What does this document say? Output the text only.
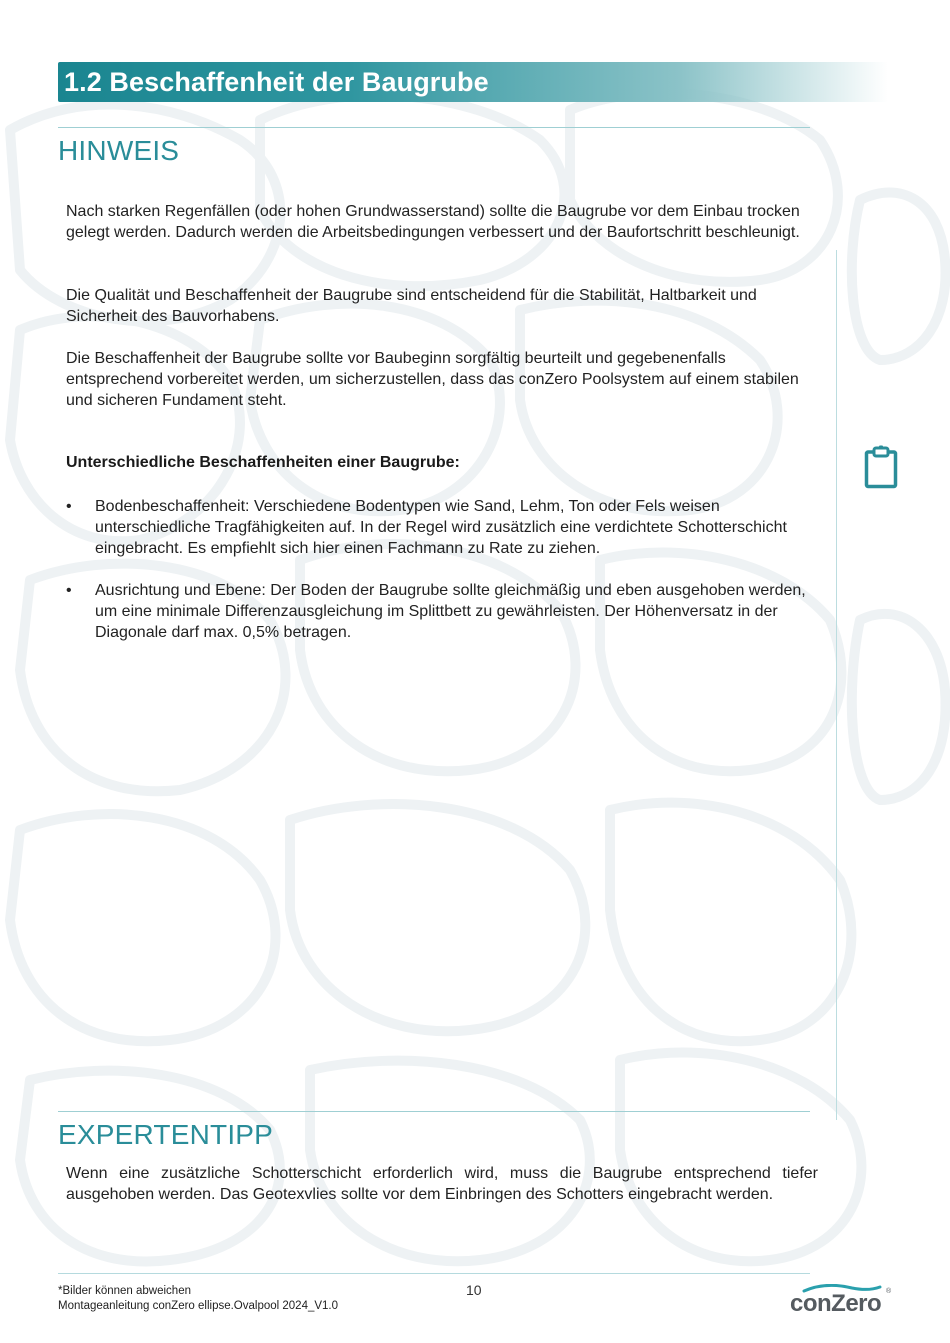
1.2 Beschaffenheit der Baugrube
HINWEIS

Nach starken Regenfällen (oder hohen Grundwasserstand) sollte die Baugrube vor dem Einbau trocken gelegt werden. Dadurch werden die Arbeitsbedingungen verbessert und der Baufortschritt beschleunigt.

Die Qualität und Beschaffenheit der Baugrube sind entscheidend für die Stabilität, Haltbarkeit und Sicherheit des Bauvorhabens.

Die Beschaffenheit der Baugrube sollte vor Baubeginn sorgfältig beurteilt und gegebenenfalls entsprechend vorbereitet werden, um sicherzustellen, dass das conZero Poolsystem auf einem stabilen und sicheren Fundament steht.

Unterschiedliche Beschaffenheiten einer Baugrube:
• Bodenbeschaffenheit: Verschiedene Bodentypen wie Sand, Lehm, Ton oder Fels weisen unterschiedliche Tragfähigkeiten auf. In der Regel wird zusätzlich eine verdichtete Schotterschicht eingebracht. Es empfiehlt sich hier einen Fachmann zu Rate zu ziehen.
• Ausrichtung und Ebene: Der Boden der Baugrube sollte gleichmäßig und eben ausgehoben werden, um eine minimale Differenzausgleichung im Splittbett zu gewährleisten. Der Höhenversatz in der Diagonale darf max. 0,5% betragen.
EXPERTENTIPP

Wenn eine zusätzliche Schotterschicht erforderlich wird, muss die Baugrube entsprechend tiefer ausgehoben werden. Das Geotexvlies sollte vor dem Einbringen des Schotters eingebracht werden.

*Bilder können abweichen
Montageanleitung conZero ellipse.Ovalpool 2024_V1.0
10	conZero ®
